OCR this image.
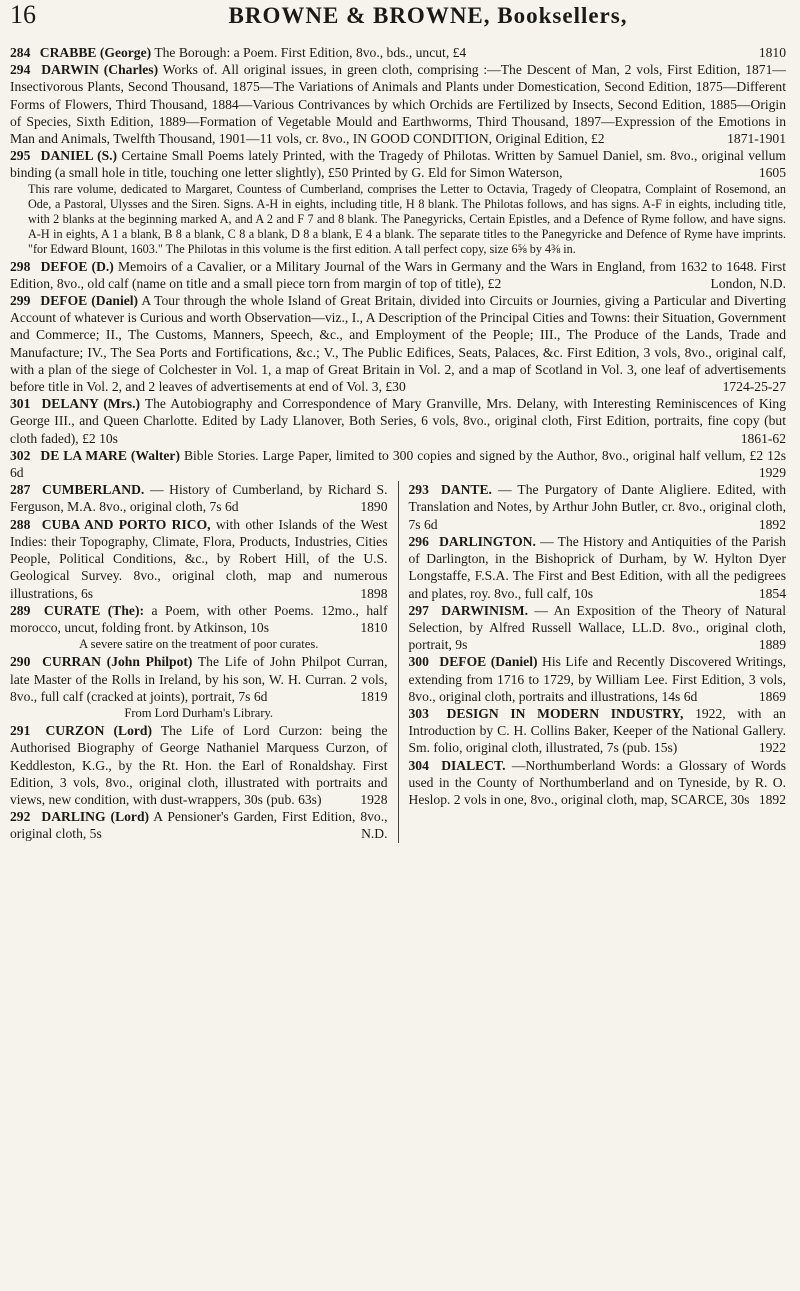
16	BROWNE & BROWNE, Booksellers,

284 CRABBE (George) The Borough: a Poem. First Edition, 8vo., bds., uncut, £4	1810

294 DARWIN (Charles) Works of. All original issues, in green cloth, comprising :—The Descent of Man, 2 vols, First Edition, 1871—Insectivorous Plants, Second Thousand, 1875—The Variations of Animals and Plants under Domestication, Second Edition, 1875—Different Forms of Flowers, Third Thousand, 1884—Various Contrivances by which Orchids are Fertilized by Insects, Second Edition, 1885—Origin of Species, Sixth Edition, 1889—Formation of Vegetable Mould and Earthworms, Third Thousand, 1897—Expression of the Emotions in Man and Animals, Twelfth Thousand, 1901—11 vols, cr. 8vo., IN GOOD CONDITION, Original Edition, £2	1871-1901

295 DANIEL (S.) Certaine Small Poems lately Printed, with the Tragedy of Philotas. Written by Samuel Daniel, sm. 8vo., original vellum binding (a small hole in title, touching one letter slightly), £50 Printed by G. Eld for Simon Waterson,	1605

This rare volume, dedicated to Margaret, Countess of Cumberland, comprises the Letter to Octavia, Tragedy of Cleopatra, Complaint of Rosemond, an Ode, a Pastoral, Ulysses and the Siren. Signs. A-H in eights, including title, H 8 blank. The Philotas follows, and has signs. A-F in eights, including title, with 2 blanks at the beginning marked A, and A 2 and F 7 and 8 blank. The Panegyricks, Certain Epistles, and a Defence of Ryme follow, and have signs. A-H in eights, A 1 a blank, B 8 a blank, C 8 a blank, D 8 a blank, E 4 a blank. The separate titles to the Panegyricke and Defence of Ryme have imprints. "for Edward Blount, 1603." The Philotas in this volume is the first edition. A tall perfect copy, size 6⅝ by 4⅜ in.

298 DEFOE (D.) Memoirs of a Cavalier, or a Military Journal of the Wars in Germany and the Wars in England, from 1632 to 1648. First Edition, 8vo., old calf (name on title and a small piece torn from margin of top of title), £2	London, N.D.

299 DEFOE (Daniel) A Tour through the whole Island of Great Britain, divided into Circuits or Journies, giving a Particular and Diverting Account of whatever is Curious and worth Observation—viz., I., A Description of the Principal Cities and Towns: their Situation, Government and Commerce; II., The Customs, Manners, Speech, &c., and Employment of the People; III., The Produce of the Lands, Trade and Manufacture; IV., The Sea Ports and Fortifications, &c.; V., The Public Edifices, Seats, Palaces, &c. First Edition, 3 vols, 8vo., original calf, with a plan of the siege of Colchester in Vol. 1, a map of Great Britain in Vol. 2, and a map of Scotland in Vol. 3, one leaf of advertisements before title in Vol. 2, and 2 leaves of advertisements at end of Vol. 3, £30	1724-25-27

301 DELANY (Mrs.) The Autobiography and Correspondence of Mary Granville, Mrs. Delany, with Interesting Reminiscences of King George III., and Queen Charlotte. Edited by Lady Llanover, Both Series, 6 vols, 8vo., original cloth, First Edition, portraits, fine copy (but cloth faded), £2 10s	1861-62

302 DE LA MARE (Walter) Bible Stories. Large Paper, limited to 300 copies and signed by the Author, 8vo., original half vellum, £2 12s 6d	1929

287 CUMBERLAND. — History of Cumberland, by Richard S. Ferguson, M.A. 8vo., original cloth, 7s 6d	1890

288 CUBA AND PORTO RICO, with other Islands of the West Indies: their Topography, Climate, Flora, Products, Industries, Cities People, Political Conditions, &c., by Robert Hill, of the U.S. Geological Survey. 8vo., original cloth, map and numerous illustrations, 6s	1898

289 CURATE (The): a Poem, with other Poems. 12mo., half morocco, uncut, folding front. by Atkinson, 10s	1810

A severe satire on the treatment of poor curates.

290 CURRAN (John Philpot) The Life of John Philpot Curran, late Master of the Rolls in Ireland, by his son, W. H. Curran. 2 vols, 8vo., full calf (cracked at joints), portrait, 7s 6d	1819

From Lord Durham's Library.

291 CURZON (Lord) The Life of Lord Curzon: being the Authorised Biography of George Nathaniel Marquess Curzon, of Keddleston, K.G., by the Rt. Hon. the Earl of Ronaldshay. First Edition, 3 vols, 8vo., original cloth, illustrated with portraits and views, new condition, with dust-wrappers, 30s (pub. 63s)	1928

292 DARLING (Lord) A Pensioner's Garden, First Edition, 8vo., original cloth, 5s	N.D.

293 DANTE. — The Purgatory of Dante Aligliere. Edited, with Translation and Notes, by Arthur John Butler, cr. 8vo., original cloth, 7s 6d	1892

296 DARLINGTON. — The History and Antiquities of the Parish of Darlington, in the Bishoprick of Durham, by W. Hylton Dyer Longstaffe, F.S.A. The First and Best Edition, with all the pedigrees and plates, roy. 8vo., full calf, 10s	1854

297 DARWINISM. — An Exposition of the Theory of Natural Selection, by Alfred Russell Wallace, LL.D. 8vo., original cloth, portrait, 9s	1889

300 DEFOE (Daniel) His Life and Recently Discovered Writings, extending from 1716 to 1729, by William Lee. First Edition, 3 vols, 8vo., original cloth, portraits and illustrations, 14s 6d	1869

303 DESIGN IN MODERN INDUSTRY, 1922, with an Introduction by C. H. Collins Baker, Keeper of the National Gallery. Sm. folio, original cloth, illustrated, 7s (pub. 15s)	1922

304 DIALECT. —Northumberland Words: a Glossary of Words used in the County of Northumberland and on Tyneside, by R. O. Heslop. 2 vols in one, 8vo., original cloth, map, SCARCE, 30s 1892
